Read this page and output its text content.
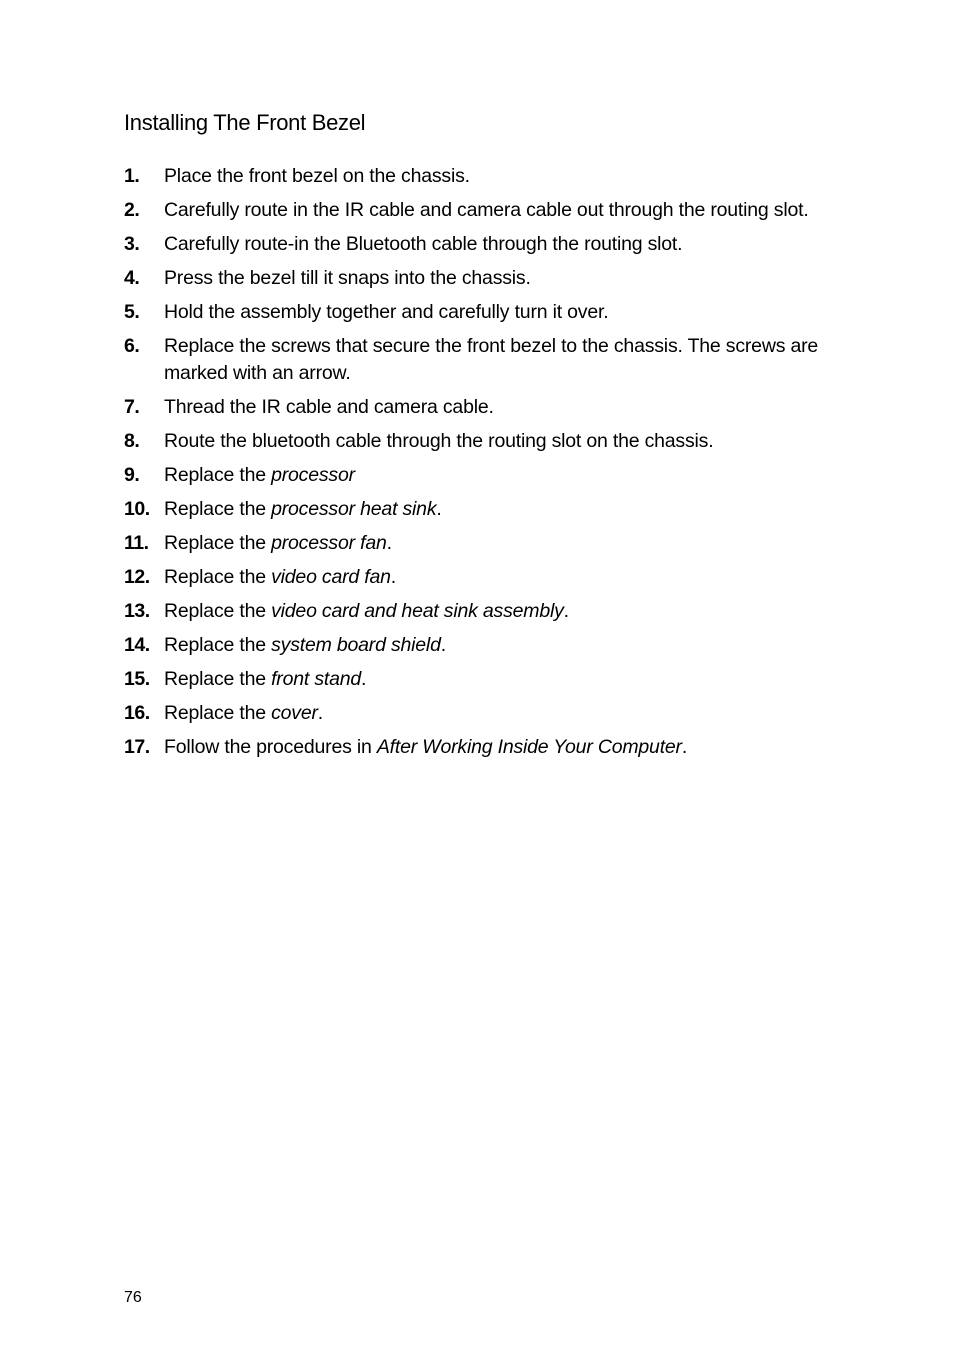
Installing The Front Bezel
1. Place the front bezel on the chassis.
2. Carefully route in the IR cable and camera cable out through the routing slot.
3. Carefully route-in the Bluetooth cable through the routing slot.
4. Press the bezel till it snaps into the chassis.
5. Hold the assembly together and carefully turn it over.
6. Replace the screws that secure the front bezel to the chassis. The screws are marked with an arrow.
7. Thread the IR cable and camera cable.
8. Route the bluetooth cable through the routing slot on the chassis.
9. Replace the processor
10. Replace the processor heat sink.
11. Replace the processor fan.
12. Replace the video card fan.
13. Replace the video card and heat sink assembly.
14. Replace the system board shield.
15. Replace the front stand.
16. Replace the cover.
17. Follow the procedures in After Working Inside Your Computer.
76
